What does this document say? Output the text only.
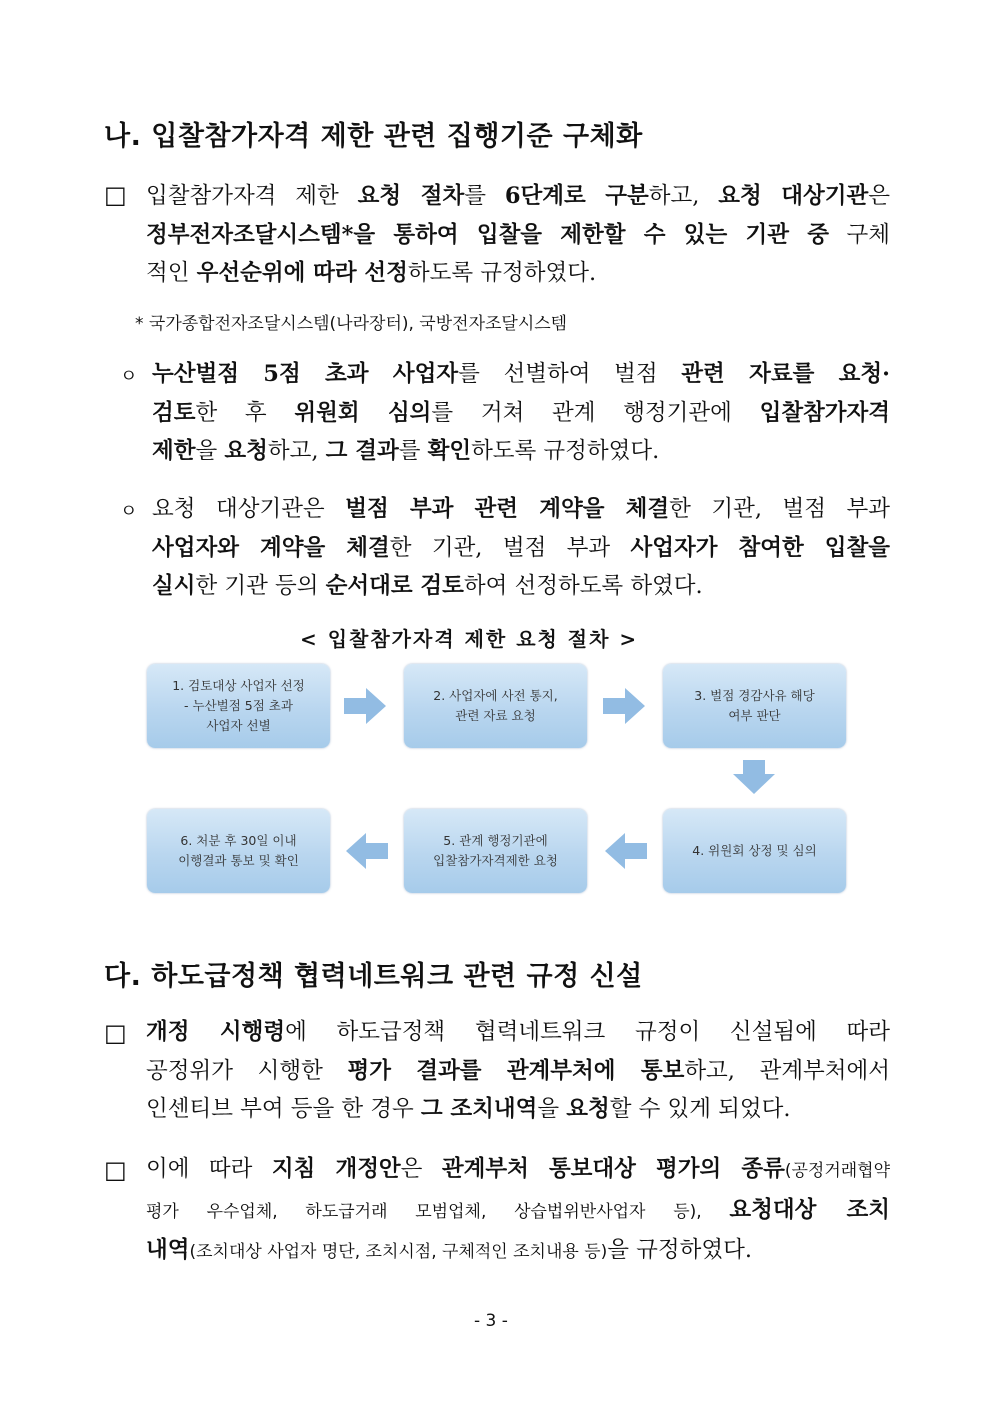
나. 입찰참가자격 제한 관련 집행기준 구체화
□ 입찰참가자격 제한 요청 절차를 6단계로 구분하고, 요청 대상기관은
정부전자조달시스템*을 통하여 입찰을 제한할 수 있는 기관 중 구체
적인 우선순위에 따라 선정하도록 규정하였다.
* 국가종합전자조달시스템(나라장터), 국방전자조달시스템
ㅇ 누산벌점 5점 초과 사업자를 선별하여 벌점 관련 자료를 요청·
검토한 후 위원회 심의를 거쳐 관계 행정기관에 입찰참가자격
제한을 요청하고, 그 결과를 확인하도록 규정하였다.
ㅇ 요청 대상기관은 벌점 부과 관련 계약을 체결한 기관, 벌점 부과
사업자와 계약을 체결한 기관, 벌점 부과 사업자가 참여한 입찰을
실시한 기관 등의 순서대로 검토하여 선정하도록 하였다.
< 입찰참가자격 제한 요청 절차 >
1. 검토대상 사업자 선정
- 누산벌점 5점 초과
사업자 선별
2. 사업자에 사전 통지,
관련 자료 요청
3. 벌점 경감사유 해당
여부 판단
4. 위원회 상정 및 심의
5. 관계 행정기관에
입찰참가자격제한 요청
6. 처분 후 30일 이내
이행결과 통보 및 확인
다. 하도급정책 협력네트워크 관련 규정 신설
□ 개정 시행령에 하도급정책 협력네트워크 규정이 신설됨에 따라
공정위가 시행한 평가 결과를 관계부처에 통보하고, 관계부처에서
인센티브 부여 등을 한 경우 그 조치내역을 요청할 수 있게 되었다.
□ 이에 따라 지침 개정안은 관계부처 통보대상 평가의 종류(공정거래협약
평가 우수업체, 하도급거래 모범업체, 상습법위반사업자 등), 요청대상 조치
내역(조치대상 사업자 명단, 조치시점, 구체적인 조치내용 등)을 규정하였다.
- 3 -
